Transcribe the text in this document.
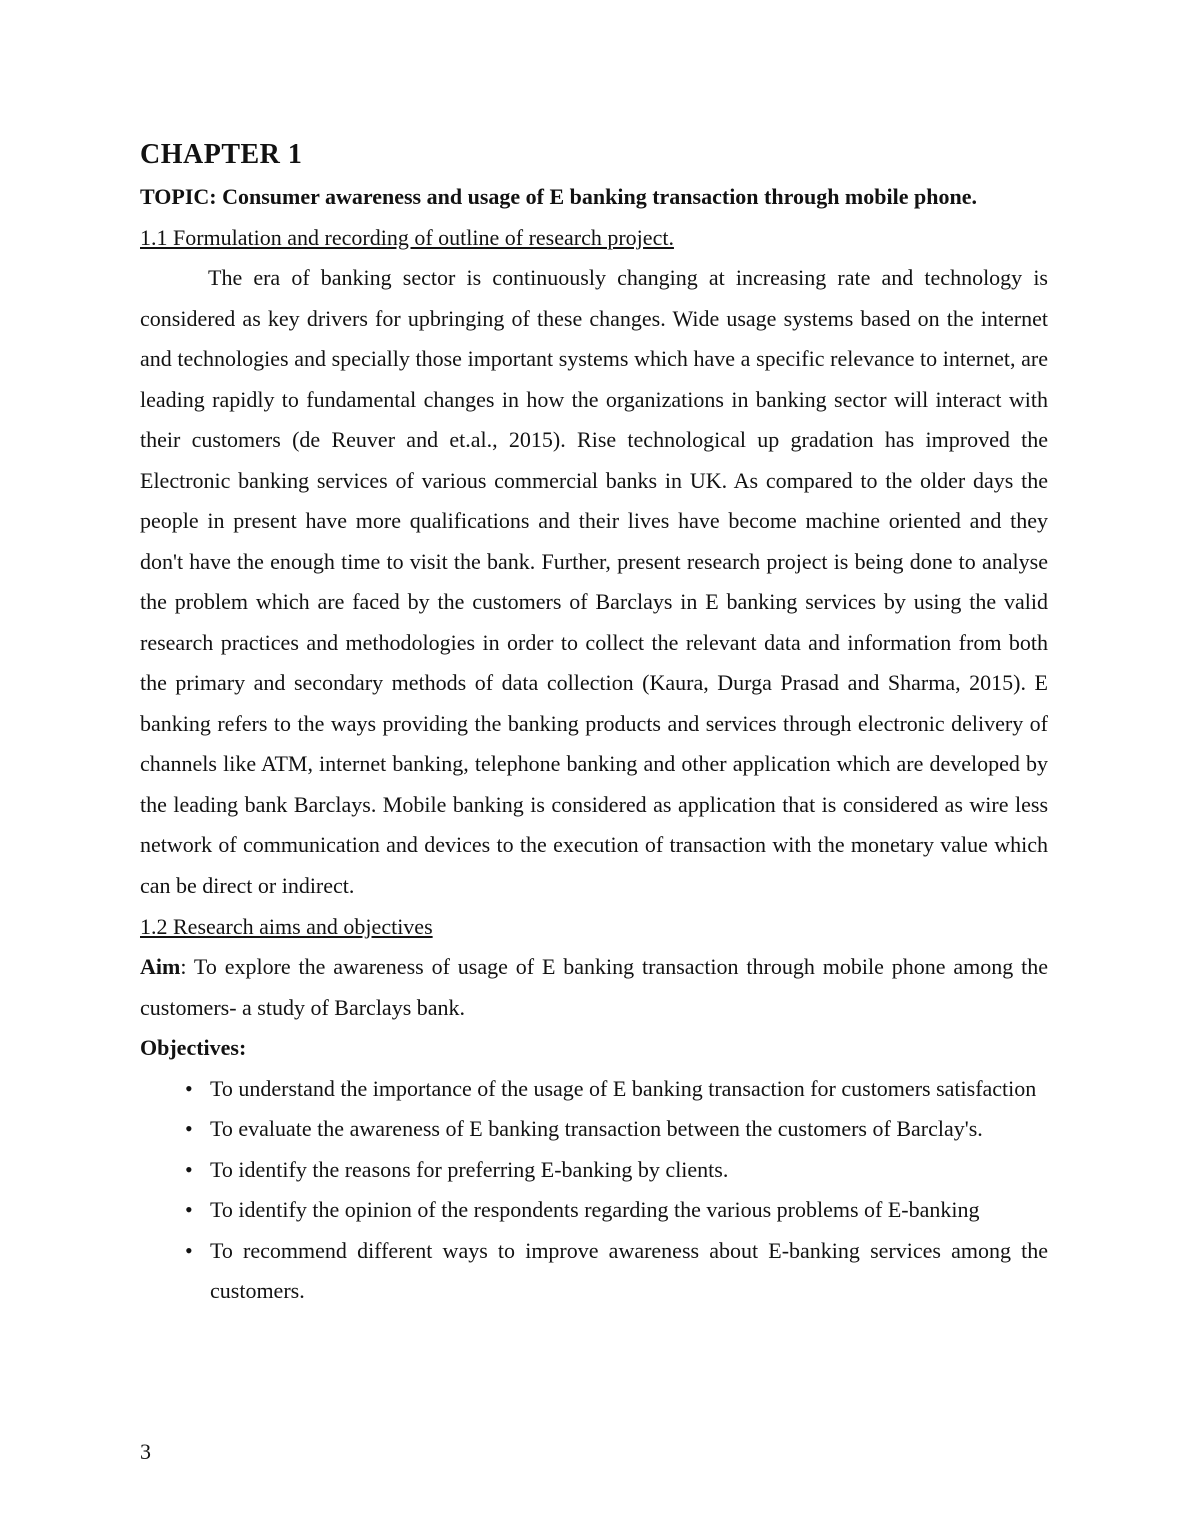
CHAPTER 1

TOPIC: Consumer awareness and usage of E banking transaction through mobile phone.

1.1 Formulation and recording of outline of research project.

The era of banking sector is continuously changing at increasing rate and technology is considered as key drivers for upbringing of these changes. Wide usage systems based on the internet and technologies and specially those important systems which have a specific relevance to internet, are leading rapidly to fundamental changes in how the organizations in banking sector will interact with their customers (de Reuver and et.al., 2015). Rise technological up gradation has improved the Electronic banking services of various commercial banks in UK. As compared to the older days the people in present have more qualifications and their lives have become machine oriented and they don't have the enough time to visit the bank. Further, present research project is being done to analyse the problem which are faced by the customers of Barclays in E banking services by using the valid research practices and methodologies in order to collect the relevant data and information from both the primary and secondary methods of data collection (Kaura, Durga Prasad and Sharma, 2015). E banking refers to the ways providing the banking products and services through electronic delivery of channels like ATM, internet banking, telephone banking and other application which are developed by the leading bank Barclays. Mobile banking is considered as application that is considered as wire less network of communication and devices to the execution of transaction with the monetary value which can be direct or indirect.

1.2 Research aims and objectives

Aim: To explore the awareness of usage of E banking transaction through mobile phone among the customers- a study of Barclays bank.

Objectives:

• To understand the importance of the usage of E banking transaction for customers satisfaction
• To evaluate the awareness of E banking transaction between the customers of Barclay's.
• To identify the reasons for preferring E-banking by clients.
• To identify the opinion of the respondents regarding the various problems of E-banking
• To recommend different ways to improve awareness about E-banking services among the customers.
3
